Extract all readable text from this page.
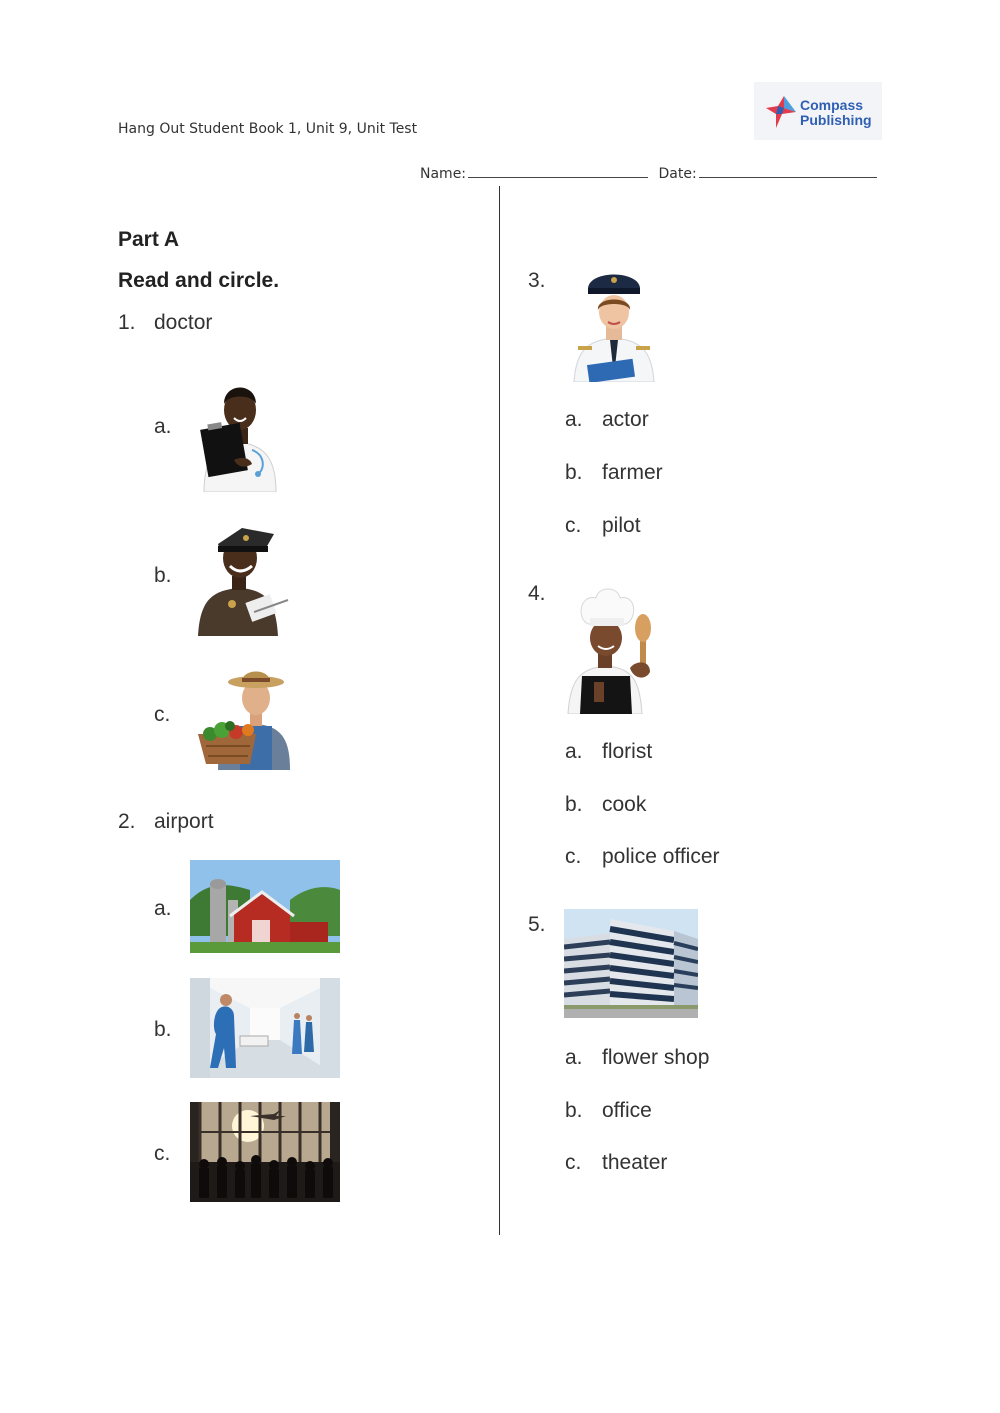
Hang Out Student Book 1, Unit 9, Unit Test
Compass
Publishing
Name:	Date:
Part A
Read and circle.
1. doctor
a.
b.
c.
2. airport
a.
b.
c.
3.
a. actor
b. farmer
c. pilot
4.
a. florist
b. cook
c. police officer
5.
a. flower shop
b. office
c. theater
